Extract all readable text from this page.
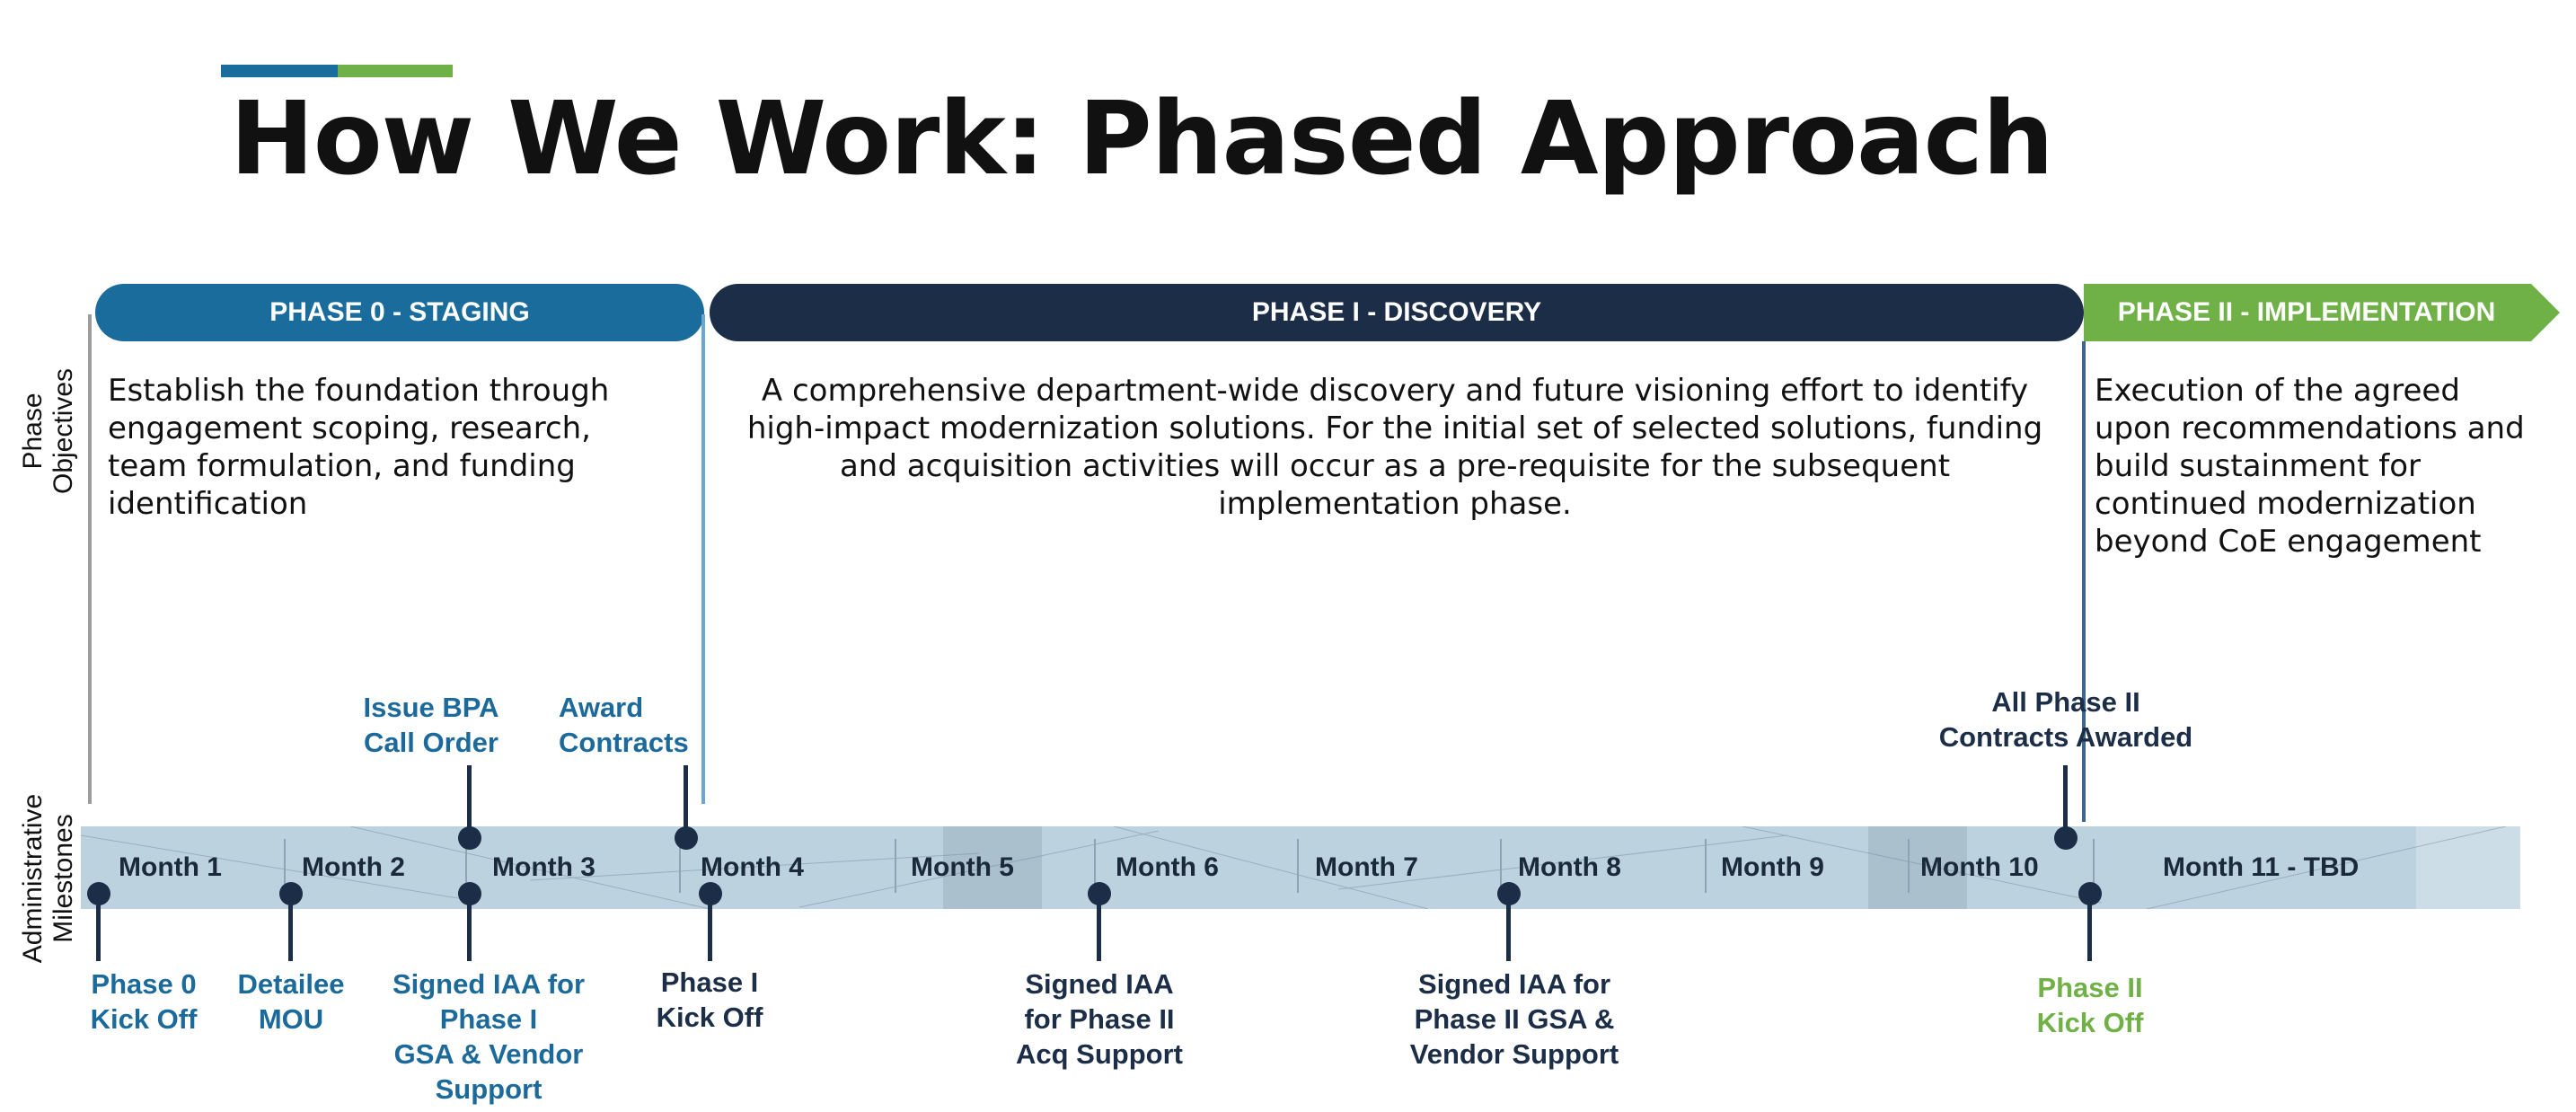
How We Work: Phased Approach
Phase Objectives
Administrative Milestones
PHASE 0 - STAGING	PHASE I - DISCOVERY	PHASE II - IMPLEMENTATION
Establish the foundation through engagement scoping, research, team formulation, and funding identification
A comprehensive department-wide discovery and future visioning effort to identify high-impact modernization solutions. For the initial set of selected solutions, funding and acquisition activities will occur as a pre-requisite for the subsequent implementation phase.
Execution of the agreed upon recommendations and build sustainment for continued modernization beyond CoE engagement
Month 1	Month 2	Month 3	Month 4	Month 5	Month 6	Month 7	Month 8	Month 9	Month 10	Month 11 - TBD
Issue BPA
Call Order
Award
Contracts
All Phase II
Contracts Awarded
Phase 0
Kick Off
Detailee
MOU
Signed IAA for
Phase I
GSA & Vendor
Support
Phase I
Kick Off
Signed IAA
for Phase II
Acq Support
Signed IAA for
Phase II GSA &
Vendor Support
Phase II
Kick Off
